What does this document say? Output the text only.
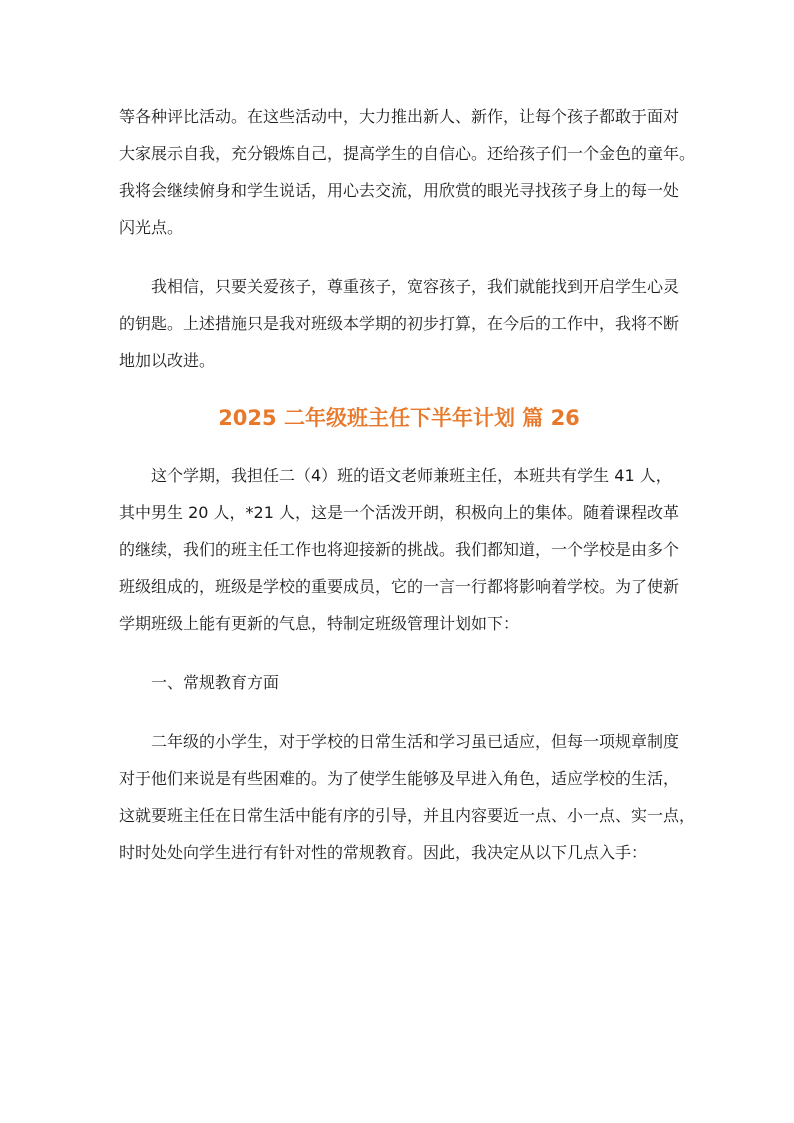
等各种评比活动。在这些活动中，大力推出新人、新作，让每个孩子都敢于面对
大家展示自我，充分锻炼自己，提高学生的自信心。还给孩子们一个金色的童年。
我将会继续俯身和学生说话，用心去交流，用欣赏的眼光寻找孩子身上的每一处
闪光点。

我相信，只要关爱孩子，尊重孩子，宽容孩子，我们就能找到开启学生心灵
的钥匙。上述措施只是我对班级本学期的初步打算，在今后的工作中，我将不断
地加以改进。

2025 二年级班主任下半年计划 篇 26

这个学期，我担任二（4）班的语文老师兼班主任，本班共有学生 41 人，
其中男生 20 人，*21 人，这是一个活泼开朗，积极向上的集体。随着课程改革
的继续，我们的班主任工作也将迎接新的挑战。我们都知道，一个学校是由多个
班级组成的，班级是学校的重要成员，它的一言一行都将影响着学校。为了使新
学期班级上能有更新的气息，特制定班级管理计划如下：

一、常规教育方面

二年级的小学生，对于学校的日常生活和学习虽已适应，但每一项规章制度
对于他们来说是有些困难的。为了使学生能够及早进入角色，适应学校的生活，
这就要班主任在日常生活中能有序的引导，并且内容要近一点、小一点、实一点，
时时处处向学生进行有针对性的常规教育。因此，我决定从以下几点入手：
